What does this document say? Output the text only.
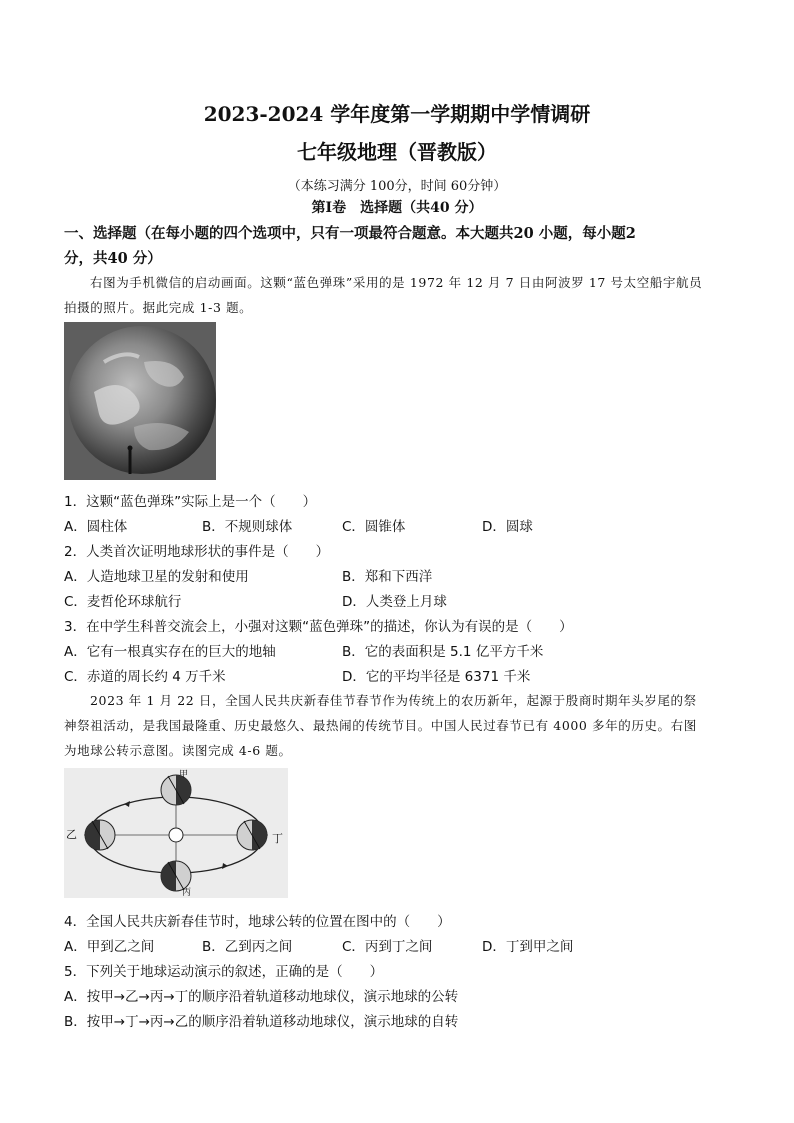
2023-2024 学年度第一学期期中学情调研
七年级地理（晋教版）
（本练习满分 100分，时间 60分钟）
第Ⅰ卷　选择题（共40 分）
一、选择题（在每小题的四个选项中，只有一项最符合题意。本大题共20 小题，每小题2
分，共40 分）
右图为手机微信的启动画面。这颗“蓝色弹珠”采用的是 1972 年 12 月 7 日由阿波罗 17 号太空船宇航员
拍摄的照片。据此完成 1-3 题。
1．这颗“蓝色弹珠”实际上是一个（　　）
A．圆柱体	B．不规则球体	C．圆锥体	D．圆球
2．人类首次证明地球形状的事件是（　　）
A．人造地球卫星的发射和使用	B．郑和下西洋
C．麦哲伦环球航行	D．人类登上月球
3．在中学生科普交流会上，小强对这颗“蓝色弹珠”的描述，你认为有误的是（　　）
A．它有一根真实存在的巨大的地轴	B．它的表面积是 5.1 亿平方千米
C．赤道的周长约 4 万千米	D．它的平均半径是 6371 千米
2023 年 1 月 22 日，全国人民共庆新春佳节春节作为传统上的农历新年，起源于殷商时期年头岁尾的祭
神祭祖活动，是我国最隆重、历史最悠久、最热闹的传统节目。中国人民过春节已有 4000 多年的历史。右图
为地球公转示意图。读图完成 4-6 题。
甲
乙	丁
丙
4．全国人民共庆新春佳节时，地球公转的位置在图中的（　　）
A．甲到乙之间	B．乙到丙之间	C．丙到丁之间	D．丁到甲之间
5．下列关于地球运动演示的叙述，正确的是（　　）
A．按甲→乙→丙→丁的顺序沿着轨道移动地球仪，演示地球的公转
B．按甲→丁→丙→乙的顺序沿着轨道移动地球仪，演示地球的自转
